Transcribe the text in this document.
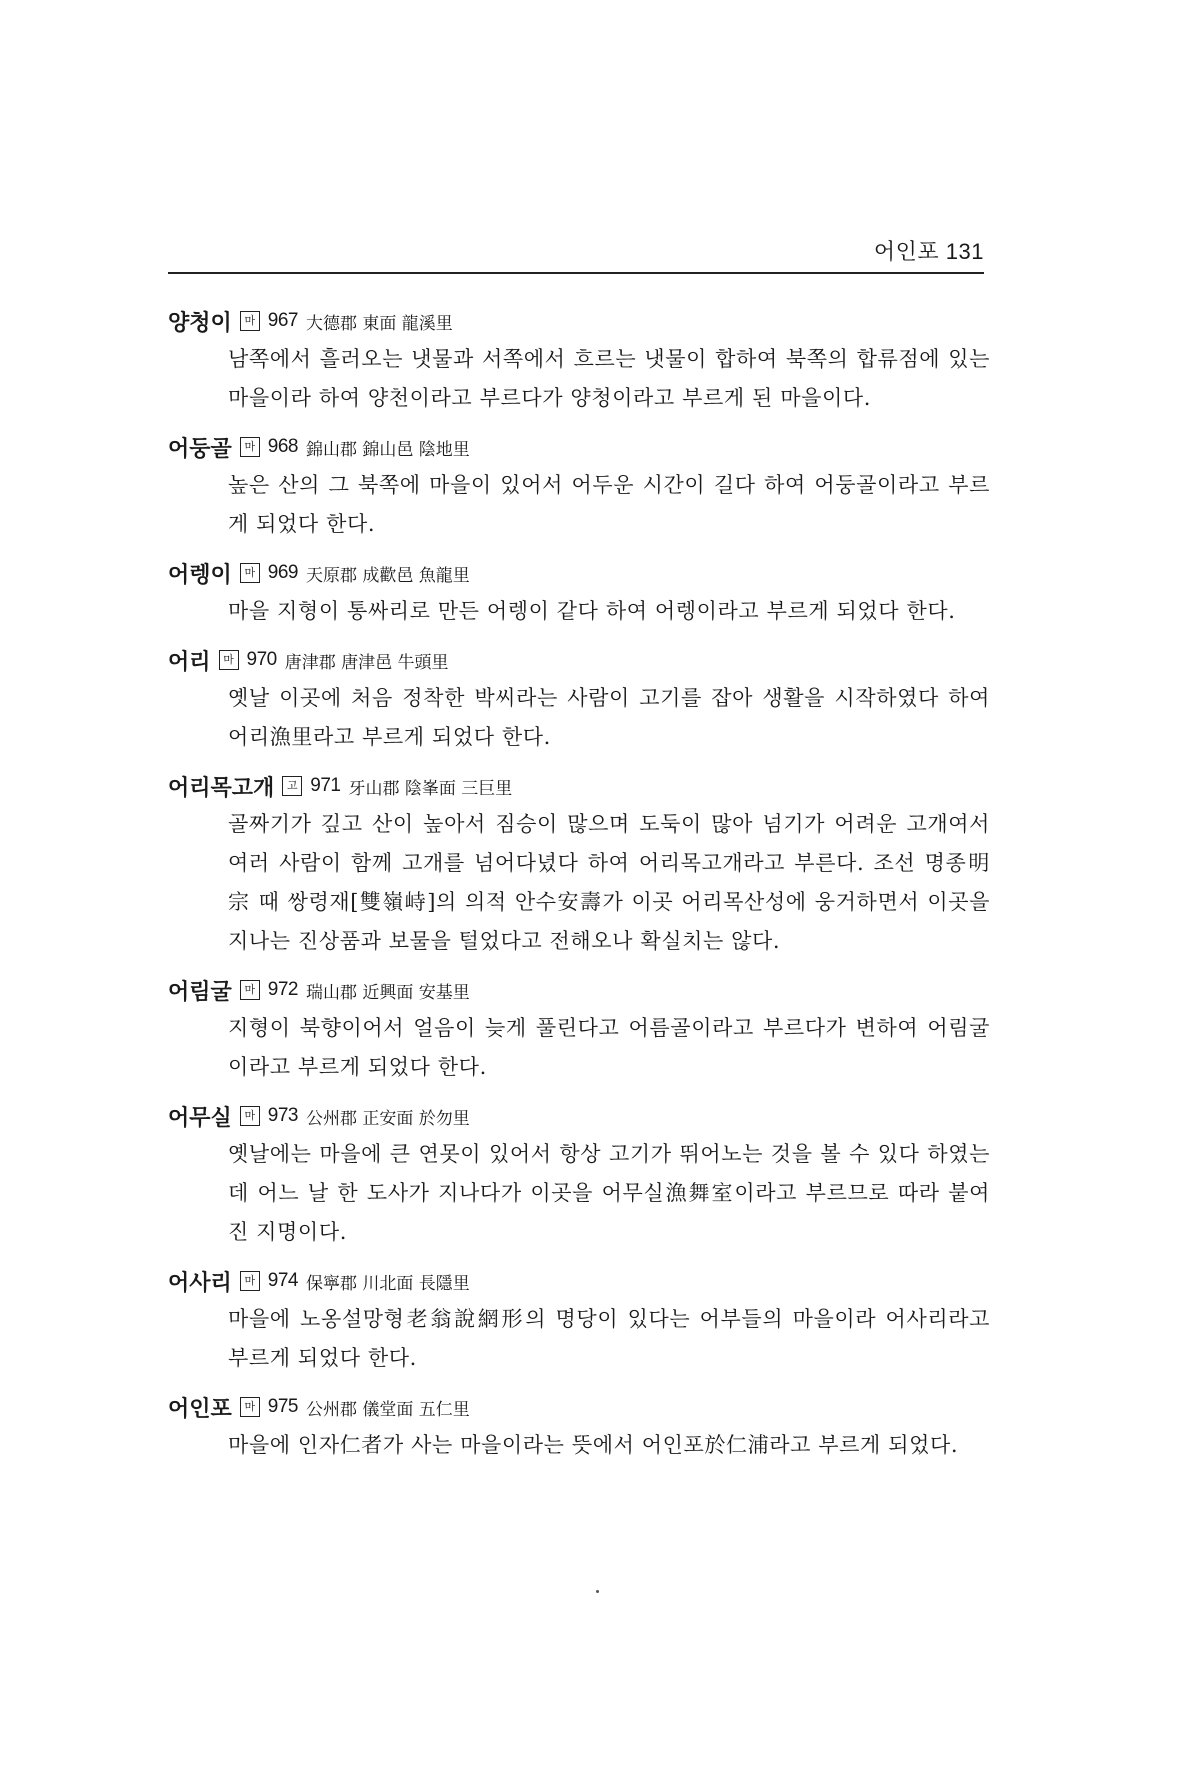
어인포 131
양청이	마 967 大德郡 東面 龍溪里
남쪽에서 흘러오는 냇물과 서쪽에서 흐르는 냇물이 합하여 북쪽의 합류점에 있는 마을이라 하여 양천이라고 부르다가 양청이라고 부르게 된 마을이다.
어둥골	마 968 錦山郡 錦山邑 陰地里
높은 산의 그 북쪽에 마을이 있어서 어두운 시간이 길다 하여 어둥골이라고 부르게 되었다 한다.
어렝이	마 969 天原郡 成歡邑 魚龍里
마을 지형이 통싸리로 만든 어렝이 같다 하여 어렝이라고 부르게 되었다 한다.
어리	마 970 唐津郡 唐津邑 牛頭里
옛날 이곳에 처음 정착한 박씨라는 사람이 고기를 잡아 생활을 시작하였다 하여 어리漁里라고 부르게 되었다 한다.
어리목고개	고 971 牙山郡 陰峯面 三巨里
골짜기가 깊고 산이 높아서 짐승이 많으며 도둑이 많아 넘기가 어려운 고개여서 여러 사람이 함께 고개를 넘어다녔다 하여 어리목고개라고 부른다. 조선 명종明宗 때 쌍령재[雙嶺峙]의 의적 안수安壽가 이곳 어리목산성에 웅거하면서 이곳을 지나는 진상품과 보물을 털었다고 전해오나 확실치는 않다.
어림굴	마 972 瑞山郡 近興面 安基里
지형이 북향이어서 얼음이 늦게 풀린다고 어름골이라고 부르다가 변하여 어림굴이라고 부르게 되었다 한다.
어무실	마 973 公州郡 正安面 於勿里
옛날에는 마을에 큰 연못이 있어서 항상 고기가 뛰어노는 것을 볼 수 있다 하였는데 어느 날 한 도사가 지나다가 이곳을 어무실漁舞室이라고 부르므로 따라 붙여진 지명이다.
어사리	마 974 保寧郡 川北面 長隱里
마을에 노옹설망형老翁說網形의 명당이 있다는 어부들의 마을이라 어사리라고 부르게 되었다 한다.
어인포	마 975 公州郡 儀堂面 五仁里
마을에 인자仁者가 사는 마을이라는 뜻에서 어인포於仁浦라고 부르게 되었다.
